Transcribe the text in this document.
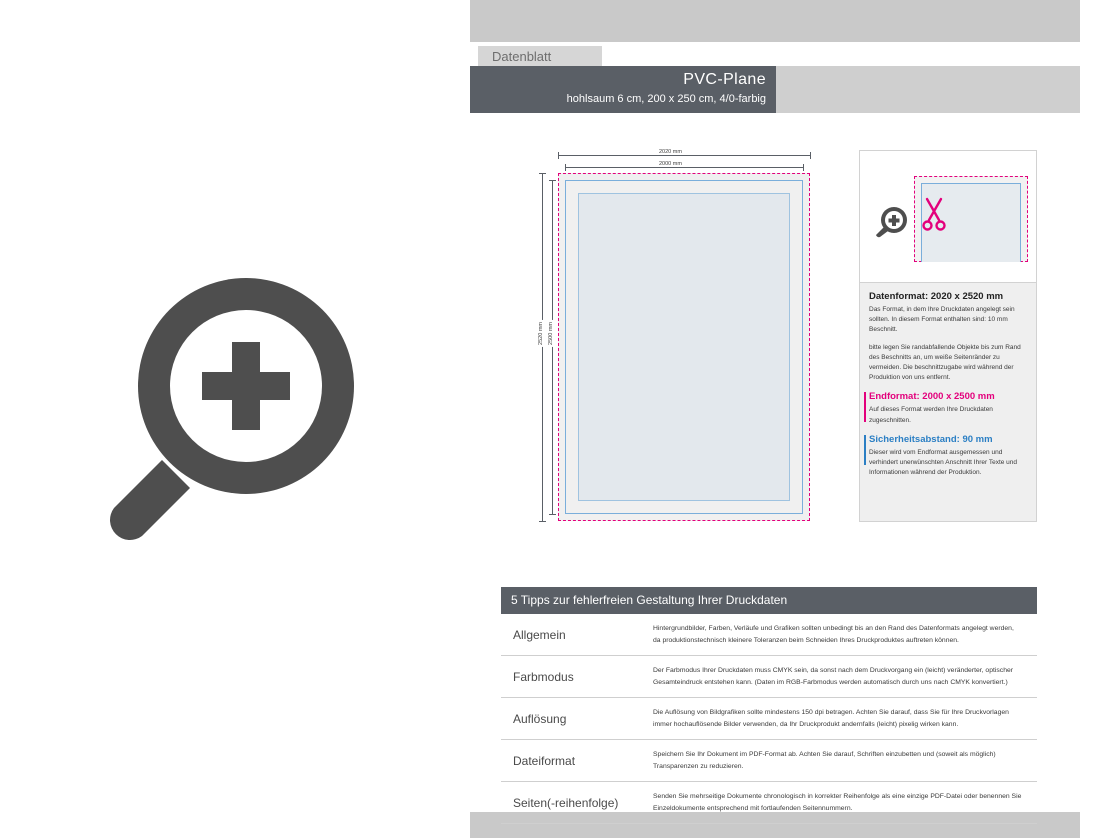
Datenblatt
PVC-Plane
hohlsaum 6 cm, 200 x 250 cm, 4/0-farbig
2020 mm
2000 mm
2520 mm 2500 mm
Datenformat: 2020 x 2520 mm
Das Format, in dem Ihre Druckdaten angelegt sein sollten. In diesem Format enthalten sind: 10 mm Beschnitt.
bitte legen Sie randabfallende Objekte bis zum Rand des Beschnitts an, um weiße Seitenränder zu vermeiden. Die beschnittzugabe wird während der Produktion von uns entfernt.
Endformat: 2000 x 2500 mm
Auf dieses Format werden Ihre Druckdaten zugeschnitten.
Sicherheitsabstand: 90 mm
Dieser wird vom Endformat ausgemessen und verhindert unerwünschten Anschnitt Ihrer Texte und Informationen während der Produktion.
5 Tipps zur fehlerfreien Gestaltung Ihrer Druckdaten
Allgemein	Hintergrundbilder, Farben, Verläufe und Grafiken sollten unbedingt bis an den Rand des Datenformats angelegt werden, da produktionstechnisch kleinere Toleranzen beim Schneiden Ihres Druckproduktes auftreten können.
Farbmodus	Der Farbmodus Ihrer Druckdaten muss CMYK sein, da sonst nach dem Druckvorgang ein (leicht) veränderter, optischer Gesamteindruck entstehen kann. (Daten im RGB-Farbmodus werden automatisch durch uns nach CMYK konvertiert.)
Auflösung	Die Auflösung von Bildgrafiken sollte mindestens 150 dpi betragen. Achten Sie darauf, dass Sie für Ihre Druckvorlagen immer hochauflösende Bilder verwenden, da Ihr Druckprodukt andernfalls (leicht) pixelig wirken kann.
Dateiformat	Speichern Sie Ihr Dokument im PDF-Format ab. Achten Sie darauf, Schriften einzubetten und (soweit als möglich) Transparenzen zu reduzieren.
Seiten(-reihenfolge)	Senden Sie mehrseitige Dokumente chronologisch in korrekter Reihenfolge als eine einzige PDF-Datei oder benennen Sie Einzeldokumente entsprechend mit fortlaufenden Seitennummern.
